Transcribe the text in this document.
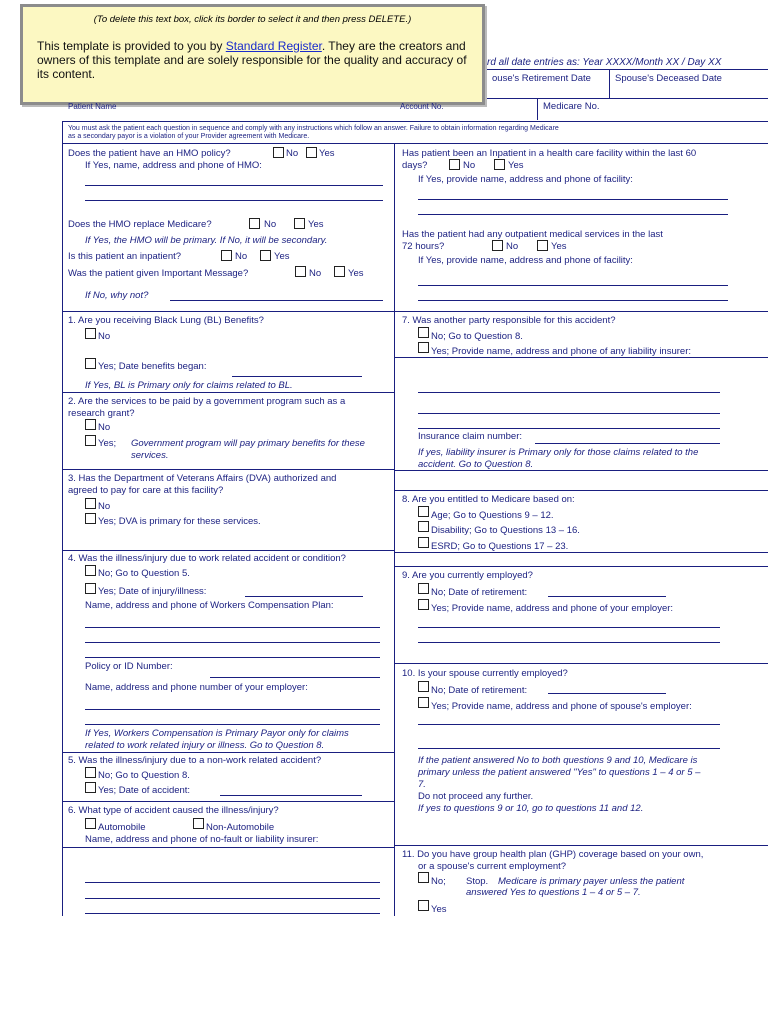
(To delete this text box, click its border to select it and then press DELETE.)
This template is provided to you by Standard Register. They are the creators and owners of this template and are solely responsible for the quality and accuracy of its content.
rd all date entries as: Year XXXX/Month XX / Day XX
ouse's Retirement Date	Spouse's Deceased Date
Patient Name	Account No.	Medicare No.
You must ask the patient each question in sequence and comply with any instructions which follow an answer. Failure to obtain information regarding Medicare
as a secondary payor is a violation of your Provider agreement with Medicare.
Does the patient have an HMO policy?	No Yes
If Yes, name, address and phone of HMO:
Does the HMO replace Medicare?	No	Yes
If Yes, the HMO will be primary. If No, it will be secondary.
Is this patient an inpatient?	No	Yes
Was the patient given Important Message?	No	Yes
If No, why not?
Has patient been an Inpatient in a health care facility within the last 60
days?	No	Yes
If Yes, provide name, address and phone of facility:
Has the patient had any outpatient medical services in the last
72 hours?	No	Yes
If Yes, provide name, address and phone of facility:
1. Are you receiving Black Lung (BL) Benefits?
No
Yes; Date benefits began:
If Yes, BL is Primary only for claims related to BL.
2. Are the services to be paid by a government program such as a
research grant?
No
Yes; Government program will pay primary benefits for these
services.
3. Has the Department of Veterans Affairs (DVA) authorized and
agreed to pay for care at this facility?
No
Yes; DVA is primary for these services.
4. Was the illness/injury due to work related accident or condition?
No; Go to Question 5.
Yes; Date of injury/illness:
Name, address and phone of Workers Compensation Plan:
Policy or ID Number:
Name, address and phone number of your employer:
If Yes, Workers Compensation is Primary Payor only for claims
related to work related injury or illness. Go to Question 8.
5. Was the illness/injury due to a non-work related accident?
No; Go to Question 8.
Yes; Date of accident:
6. What type of accident caused the illness/injury?
Automobile	Non-Automobile
Name, address and phone of no-fault or liability insurer:
7. Was another party responsible for this accident?
No; Go to Question 8.
Yes; Provide name, address and phone of any liability insurer:
Insurance claim number:
If yes, liability insurer is Primary only for those claims related to the
accident. Go to Question 8.
8. Are you entitled to Medicare based on:
Age; Go to Questions 9 – 12.
Disability; Go to Questions 13 – 16.
ESRD; Go to Questions 17 – 23.
9. Are you currently employed?
No; Date of retirement:
Yes; Provide name, address and phone of your employer:
10. Is your spouse currently employed?
No; Date of retirement:
Yes; Provide name, address and phone of spouse's employer:
If the patient answered No to both questions 9 and 10, Medicare is
primary unless the patient answered "Yes" to questions 1 – 4 or 5 –
7.
Do not proceed any further.
If yes to questions 9 or 10, go to questions 11 and 12.
11. Do you have group health plan (GHP) coverage based on your own,
or a spouse's current employment?
No; Stop. Medicare is primary payer unless the patient
answered Yes to questions 1 – 4 or 5 – 7.
Yes
